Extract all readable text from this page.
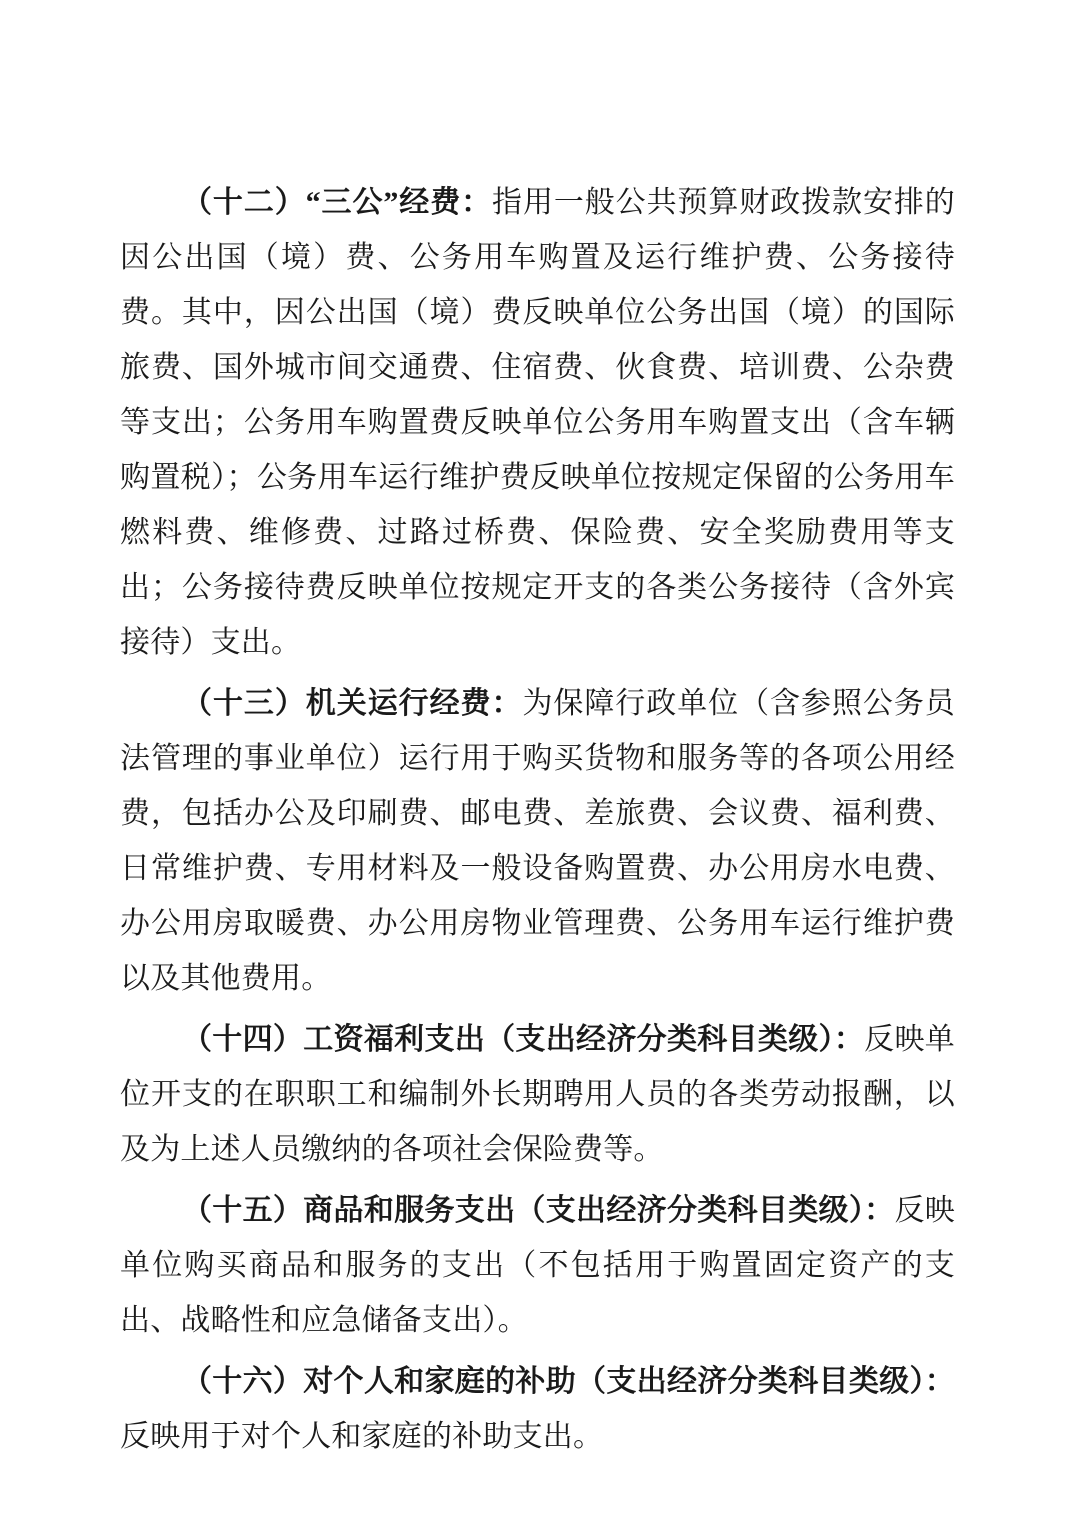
（十二）“三公”经费：指用一般公共预算财政拨款安排的因公出国（境）费、公务用车购置及运行维护费、公务接待费。其中，因公出国（境）费反映单位公务出国（境）的国际旅费、国外城市间交通费、住宿费、伙食费、培训费、公杂费等支出；公务用车购置费反映单位公务用车购置支出（含车辆购置税）；公务用车运行维护费反映单位按规定保留的公务用车燃料费、维修费、过路过桥费、保险费、安全奖励费用等支出；公务接待费反映单位按规定开支的各类公务接待（含外宾接待）支出。

（十三）机关运行经费：为保障行政单位（含参照公务员法管理的事业单位）运行用于购买货物和服务等的各项公用经费，包括办公及印刷费、邮电费、差旅费、会议费、福利费、日常维护费、专用材料及一般设备购置费、办公用房水电费、办公用房取暖费、办公用房物业管理费、公务用车运行维护费以及其他费用。

（十四）工资福利支出（支出经济分类科目类级）：反映单位开支的在职职工和编制外长期聘用人员的各类劳动报酬，以及为上述人员缴纳的各项社会保险费等。

（十五）商品和服务支出（支出经济分类科目类级）：反映单位购买商品和服务的支出（不包括用于购置固定资产的支出、战略性和应急储备支出）。

（十六）对个人和家庭的补助（支出经济分类科目类级）：反映用于对个人和家庭的补助支出。
